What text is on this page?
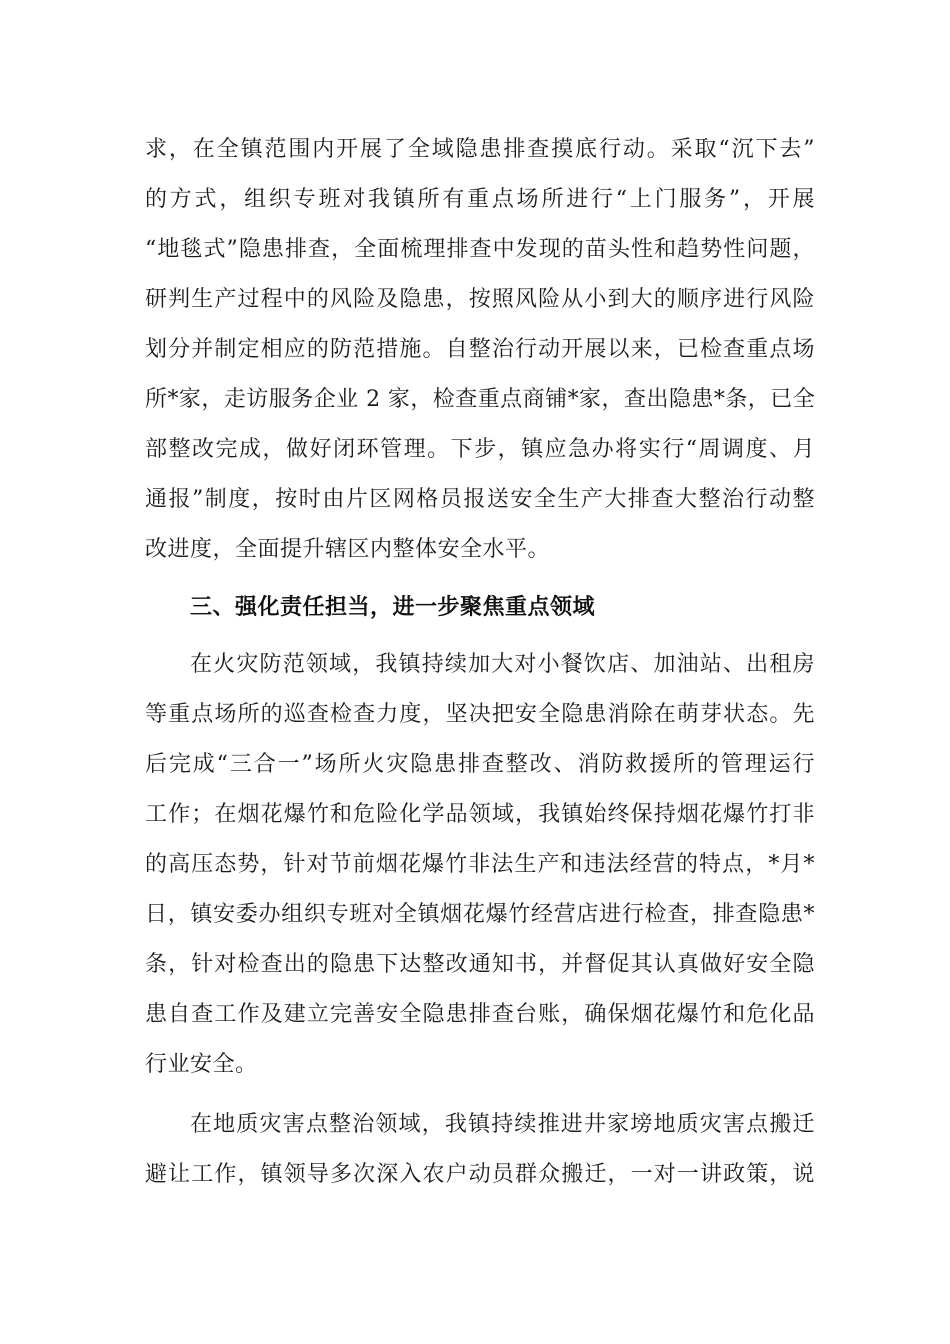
求，在全镇范围内开展了全域隐患排查摸底行动。采取“沉下去”
的方式，组织专班对我镇所有重点场所进行“上门服务”，开展
“地毯式”隐患排查，全面梳理排查中发现的苗头性和趋势性问题，
研判生产过程中的风险及隐患，按照风险从小到大的顺序进行风险
划分并制定相应的防范措施。自整治行动开展以来，已检查重点场
所*家，走访服务企业 2 家，检查重点商铺*家，查出隐患*条，已全
部整改完成，做好闭环管理。下步，镇应急办将实行“周调度、月
通报”制度，按时由片区网格员报送安全生产大排查大整治行动整
改进度，全面提升辖区内整体安全水平。
三、强化责任担当，进一步聚焦重点领域
在火灾防范领域，我镇持续加大对小餐饮店、加油站、出租房
等重点场所的巡查检查力度，坚决把安全隐患消除在萌芽状态。先
后完成“三合一”场所火灾隐患排查整改、消防救援所的管理运行
工作；在烟花爆竹和危险化学品领域，我镇始终保持烟花爆竹打非
的高压态势，针对节前烟花爆竹非法生产和违法经营的特点，*月*
日，镇安委办组织专班对全镇烟花爆竹经营店进行检查，排查隐患*
条，针对检查出的隐患下达整改通知书，并督促其认真做好安全隐
患自查工作及建立完善安全隐患排查台账，确保烟花爆竹和危化品
行业安全。
在地质灾害点整治领域，我镇持续推进井家塝地质灾害点搬迁
避让工作，镇领导多次深入农户动员群众搬迁，一对一讲政策，说
